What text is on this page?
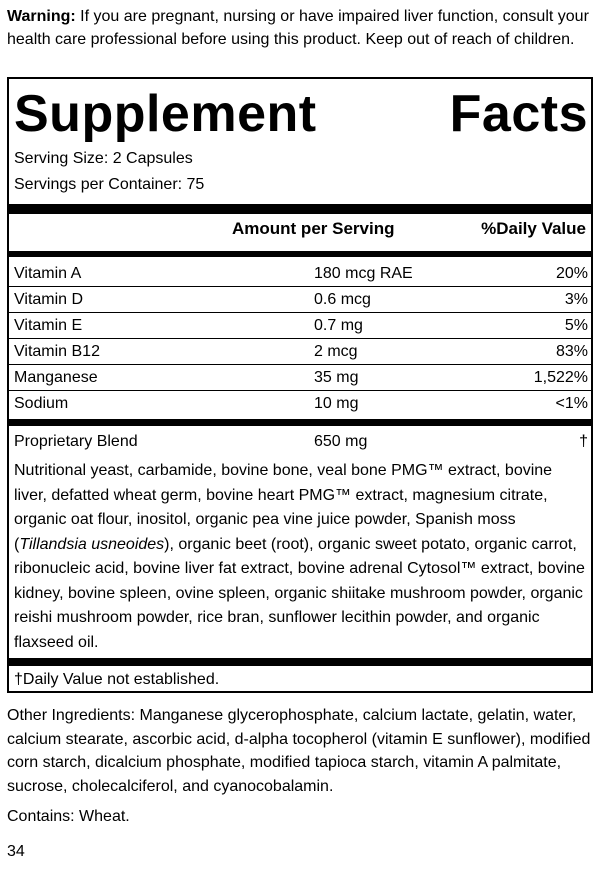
Warning: If you are pregnant, nursing or have impaired liver function, consult your health care professional before using this product. Keep out of reach of children.
Supplement	Facts
Serving Size: 2 Capsules
Servings per Container: 75
Amount per Serving	%Daily Value
Vitamin A	180 mcg RAE	20%
Vitamin D	0.6 mcg	3%
Vitamin E	0.7 mg	5%
Vitamin B12	2 mcg	83%
Manganese	35 mg	1,522%
Sodium	10 mg	<1%
Proprietary Blend	650 mg	†
Nutritional yeast, carbamide, bovine bone, veal bone PMG™ extract, bovine liver, defatted wheat germ, bovine heart PMG™ extract, magnesium citrate, organic oat flour, inositol, organic pea vine juice powder, Spanish moss (Tillandsia usneoides), organic beet (root), organic sweet potato, organic carrot, ribonucleic acid, bovine liver fat extract, bovine adrenal Cytosol™ extract, bovine kidney, bovine spleen, ovine spleen, organic shiitake mushroom powder, organic reishi mushroom powder, rice bran, sunflower lecithin powder, and organic flaxseed oil.
†Daily Value not established.
Other Ingredients: Manganese glycerophosphate, calcium lactate, gelatin, water, calcium stearate, ascorbic acid, d-alpha tocopherol (vitamin E sunflower), modified corn starch, dicalcium phosphate, modified tapioca starch, vitamin A palmitate, sucrose, cholecalciferol, and cyanocobalamin.
Contains: Wheat.
34
